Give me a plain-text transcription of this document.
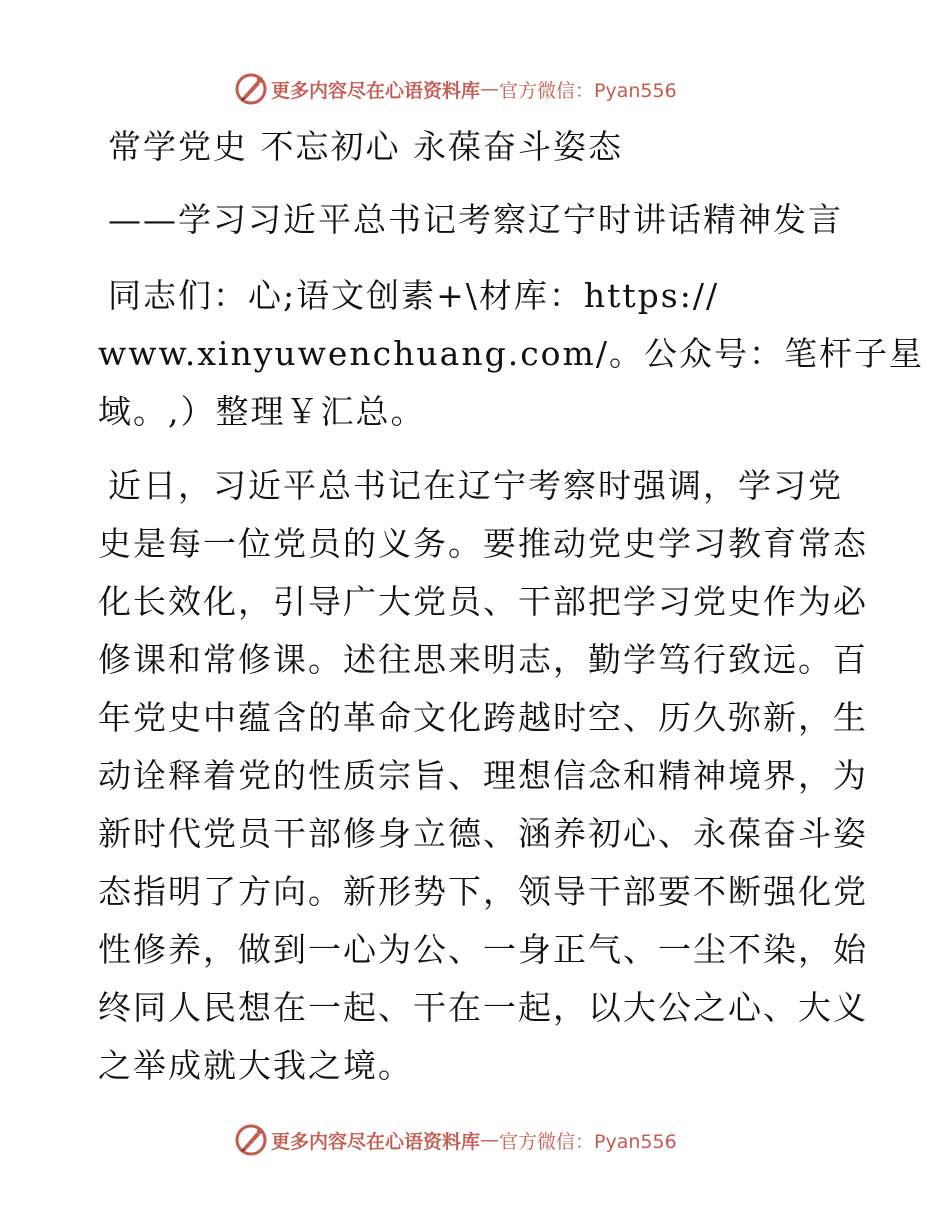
更多内容尽在心语资料库 — 官方微信：Pyan556
常学党史 不忘初心 永葆奋斗姿态
——学习习近平总书记考察辽宁时讲话精神发言
同志们：心;语文创素+\材库：https://
www.xinyuwenchuang.com/。公众号：笔杆子星
域。,）整理￥汇总。
近日，习近平总书记在辽宁考察时强调，学习党
史是每一位党员的义务。要推动党史学习教育常态
化长效化，引导广大党员、干部把学习党史作为必
修课和常修课。述往思来明志，勤学笃行致远。百
年党史中蕴含的革命文化跨越时空、历久弥新，生
动诠释着党的性质宗旨、理想信念和精神境界，为
新时代党员干部修身立德、涵养初心、永葆奋斗姿
态指明了方向。新形势下，领导干部要不断强化党
性修养，做到一心为公、一身正气、一尘不染，始
终同人民想在一起、干在一起，以大公之心、大义
之举成就大我之境。
更多内容尽在心语资料库 — 官方微信：Pyan556
